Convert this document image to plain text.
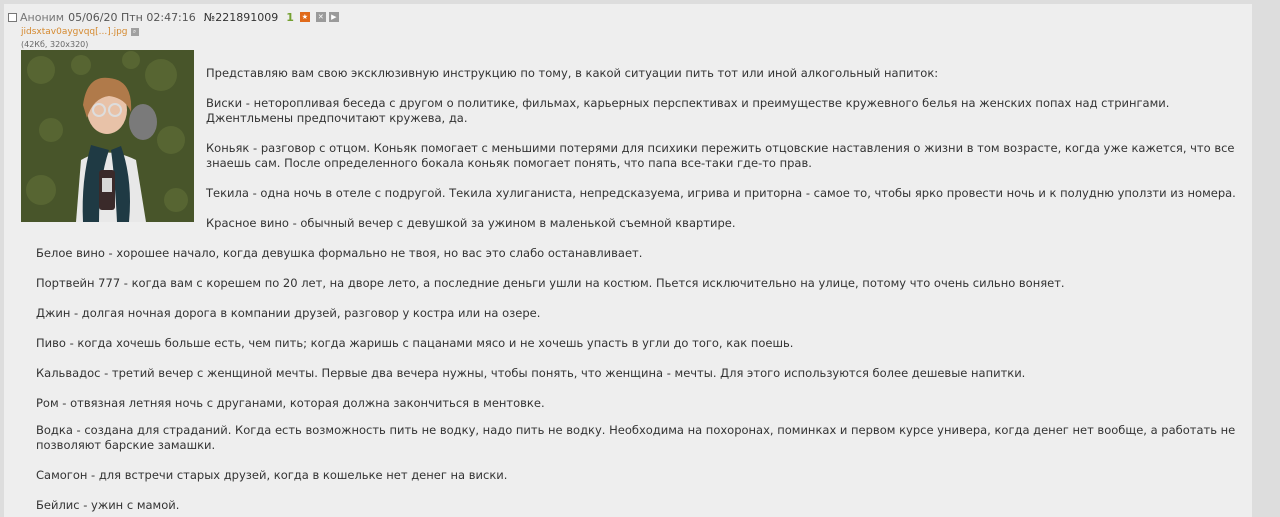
Аноним 05/06/20 Птн 02:47:16 №221891009 1 ★ ✕	▶
jidsxtav0aygvqq[...].jpg ⌕
(42Кб, 320x320)
Представляю вам свою эксклюзивную инструкцию по тому, в какой ситуации пить тот или иной алкогольный напиток:
Виски - неторопливая беседа с другом о политике, фильмах, карьерных перспективах и преимуществе кружевного белья на женских попах над стрингами. Джентльмены предпочитают кружева, да.
Коньяк - разговор с отцом. Коньяк помогает с меньшими потерями для психики пережить отцовские наставления о жизни в том возрасте, когда уже кажется, что все знаешь сам. После определенного бокала коньяк помогает понять, что папа все-таки где-то прав.
Текила - одна ночь в отеле с подругой. Текила хулиганиста, непредсказуема, игрива и приторна - самое то, чтобы ярко провести ночь и к полудню уползти из номера.
Красное вино - обычный вечер с девушкой за ужином в маленькой съемной квартире.
Белое вино - хорошее начало, когда девушка формально не твоя, но вас это слабо останавливает.
Портвейн 777 - когда вам с корешем по 20 лет, на дворе лето, а последние деньги ушли на костюм. Пьется исключительно на улице, потому что очень сильно воняет.
Джин - долгая ночная дорога в компании друзей, разговор у костра или на озере.
Пиво - когда хочешь больше есть, чем пить; когда жаришь с пацанами мясо и не хочешь упасть в угли до того, как поешь.
Кальвадос - третий вечер с женщиной мечты. Первые два вечера нужны, чтобы понять, что женщина - мечты. Для этого используются более дешевые напитки.
Ром - отвязная летняя ночь с друганами, которая должна закончиться в ментовке.
Водка - создана для страданий. Когда есть возможность пить не водку, надо пить не водку. Необходима на похоронах, поминках и первом курсе универа, когда денег нет вообще, а работать не позволяют барские замашки.
Самогон - для встречи старых друзей, когда в кошельке нет денег на виски.
Бейлис - ужин с мамой.
